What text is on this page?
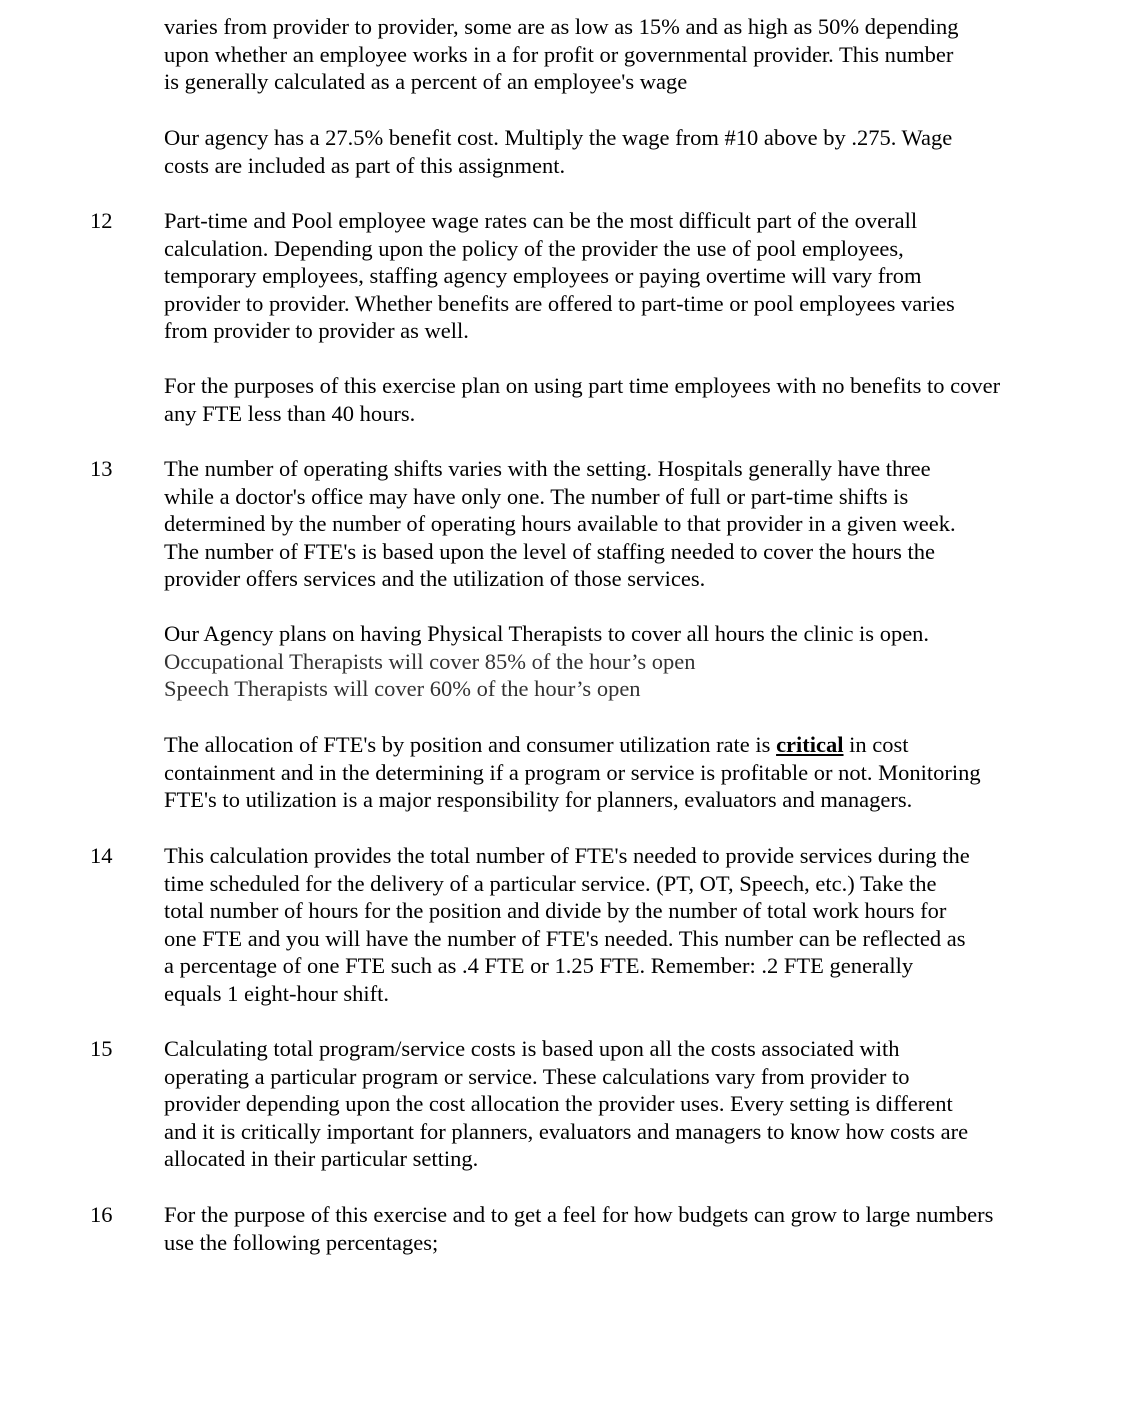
varies from provider to provider, some are as low as 15% and as high as 50% depending
upon whether an employee works in a for profit or governmental provider. This number
is generally calculated as a percent of an employee's wage

Our agency has a 27.5% benefit cost. Multiply the wage from #10 above by .275. Wage
costs are included as part of this assignment.

12 Part-time and Pool employee wage rates can be the most difficult part of the overall
calculation. Depending upon the policy of the provider the use of pool employees,
temporary employees, staffing agency employees or paying overtime will vary from
provider to provider. Whether benefits are offered to part-time or pool employees varies
from provider to provider as well.

For the purposes of this exercise plan on using part time employees with no benefits to cover
any FTE less than 40 hours.

13 The number of operating shifts varies with the setting. Hospitals generally have three
while a doctor's office may have only one. The number of full or part-time shifts is
determined by the number of operating hours available to that provider in a given week.
The number of FTE's is based upon the level of staffing needed to cover the hours the
provider offers services and the utilization of those services.

Our Agency plans on having Physical Therapists to cover all hours the clinic is open.
Occupational Therapists will cover 85% of the hour’s open
Speech Therapists will cover 60% of the hour’s open

The allocation of FTE's by position and consumer utilization rate is critical in cost
containment and in the determining if a program or service is profitable or not. Monitoring
FTE's to utilization is a major responsibility for planners, evaluators and managers.

14 This calculation provides the total number of FTE's needed to provide services during the
time scheduled for the delivery of a particular service. (PT, OT, Speech, etc.) Take the
total number of hours for the position and divide by the number of total work hours for
one FTE and you will have the number of FTE's needed. This number can be reflected as
a percentage of one FTE such as .4 FTE or 1.25 FTE. Remember: .2 FTE generally
equals 1 eight-hour shift.

15 Calculating total program/service costs is based upon all the costs associated with
operating a particular program or service. These calculations vary from provider to
provider depending upon the cost allocation the provider uses. Every setting is different
and it is critically important for planners, evaluators and managers to know how costs are
allocated in their particular setting.

16 For the purpose of this exercise and to get a feel for how budgets can grow to large numbers
use the following percentages;
